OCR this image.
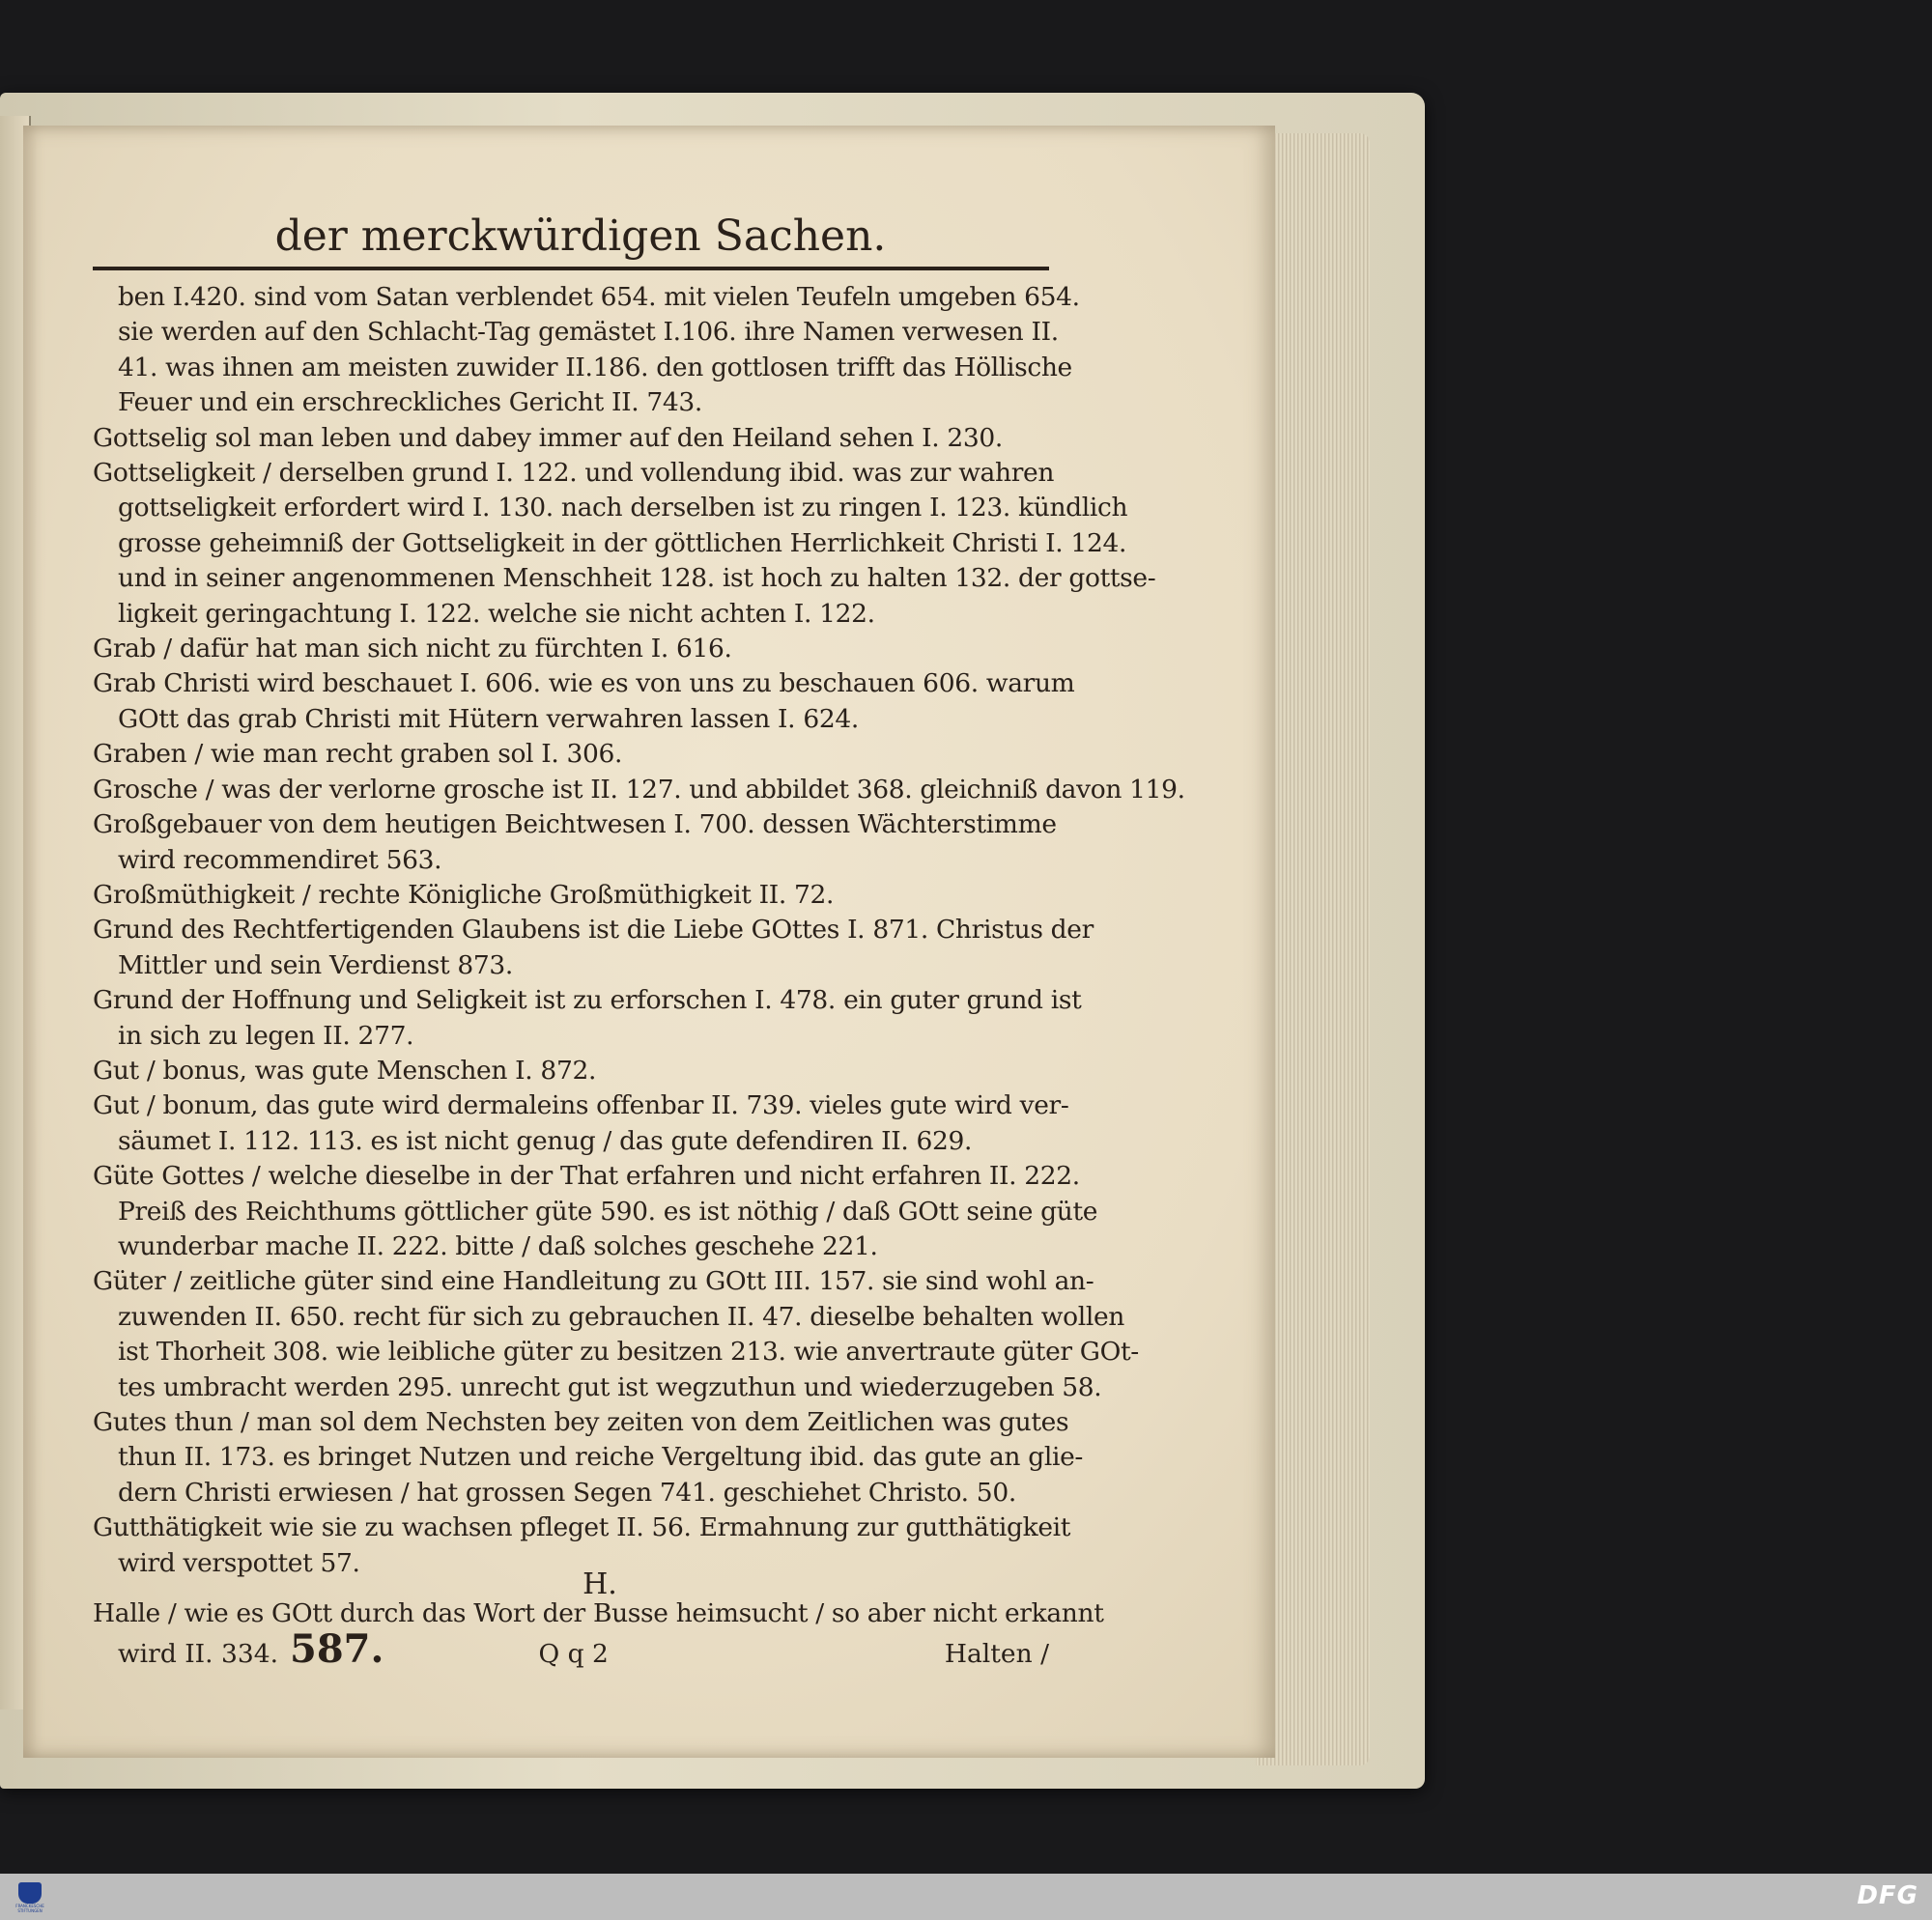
der merckwürdigen Sachen.
ben I.420. sind vom Satan verblendet 654. mit vielen Teufeln umgeben 654.
sie werden auf den Schlacht-Tag gemästet I.106. ihre Namen verwesen II.
41. was ihnen am meisten zuwider II.186. den gottlosen trifft das Höllische
Feuer und ein erschreckliches Gericht II. 743.
Gottselig sol man leben und dabey immer auf den Heiland sehen I. 230.
Gottseligkeit / derselben grund I. 122. und vollendung ibid. was zur wahren
gottseligkeit erfordert wird I. 130. nach derselben ist zu ringen I. 123. kündlich
grosse geheimniß der Gottseligkeit in der göttlichen Herrlichkeit Christi I. 124.
und in seiner angenommenen Menschheit 128. ist hoch zu halten 132. der gottse-
ligkeit geringachtung I. 122. welche sie nicht achten I. 122.
Grab / dafür hat man sich nicht zu fürchten I. 616.
Grab Christi wird beschauet I. 606. wie es von uns zu beschauen 606. warum
GOtt das grab Christi mit Hütern verwahren lassen I. 624.
Graben / wie man recht graben sol I. 306.
Grosche / was der verlorne grosche ist II. 127. und abbildet 368. gleichniß davon 119.
Großgebauer von dem heutigen Beichtwesen I. 700. dessen Wächterstimme
wird recommendiret 563.
Großmüthigkeit / rechte Königliche Großmüthigkeit II. 72.
Grund des Rechtfertigenden Glaubens ist die Liebe GOttes I. 871. Christus der
Mittler und sein Verdienst 873.
Grund der Hoffnung und Seligkeit ist zu erforschen I. 478. ein guter grund ist
in sich zu legen II. 277.
Gut / bonus, was gute Menschen I. 872.
Gut / bonum, das gute wird dermaleins offenbar II. 739. vieles gute wird ver-
säumet I. 112. 113. es ist nicht genug / das gute defendiren II. 629.
Güte Gottes / welche dieselbe in der That erfahren und nicht erfahren II. 222.
Preiß des Reichthums göttlicher güte 590. es ist nöthig / daß GOtt seine güte
wunderbar mache II. 222. bitte / daß solches geschehe 221.
Güter / zeitliche güter sind eine Handleitung zu GOtt III. 157. sie sind wohl an-
zuwenden II. 650. recht für sich zu gebrauchen II. 47. dieselbe behalten wollen
ist Thorheit 308. wie leibliche güter zu besitzen 213. wie anvertraute güter GOt-
tes umbracht werden 295. unrecht gut ist wegzuthun und wiederzugeben 58.
Gutes thun / man sol dem Nechsten bey zeiten von dem Zeitlichen was gutes
thun II. 173. es bringet Nutzen und reiche Vergeltung ibid. das gute an glie-
dern Christi erwiesen / hat grossen Segen 741. geschiehet Christo. 50.
Gutthätigkeit wie sie zu wachsen pfleget II. 56. Ermahnung zur gutthätigkeit
wird verspottet 57.
H.
Halle / wie es GOtt durch das Wort der Busse heimsucht / so aber nicht erkannt
wird II. 334. 587.	Q q 2	Halten /
FRANCKESCHE
STIFTUNGEN
DFG
